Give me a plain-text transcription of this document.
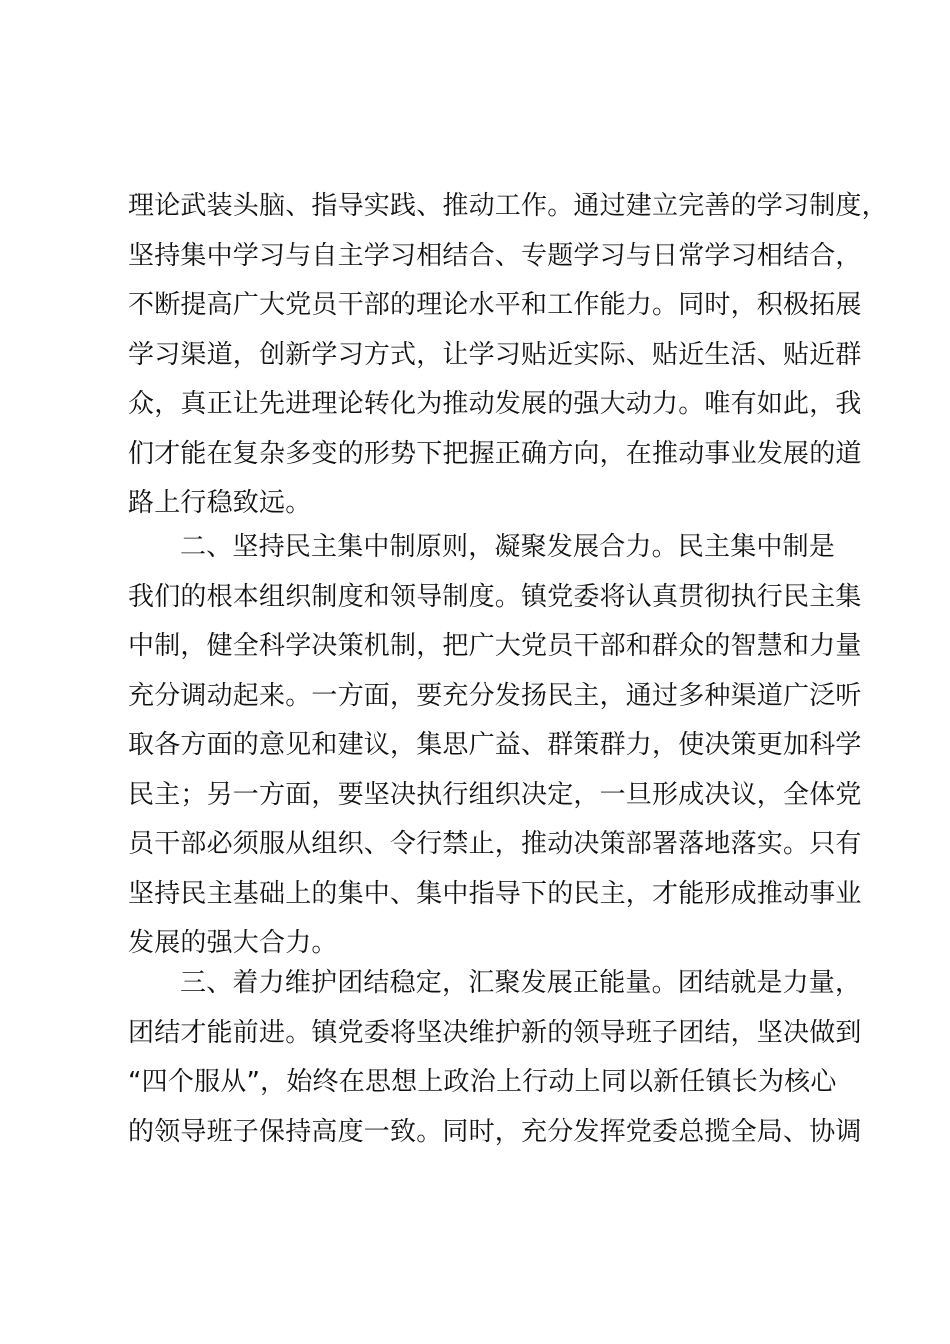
理论武装头脑、指导实践、推动工作。通过建立完善的学习制度，
坚持集中学习与自主学习相结合、专题学习与日常学习相结合，
不断提高广大党员干部的理论水平和工作能力。同时，积极拓展
学习渠道，创新学习方式，让学习贴近实际、贴近生活、贴近群
众，真正让先进理论转化为推动发展的强大动力。唯有如此，我
们才能在复杂多变的形势下把握正确方向，在推动事业发展的道
路上行稳致远。
二、坚持民主集中制原则，凝聚发展合力。民主集中制是
我们的根本组织制度和领导制度。镇党委将认真贯彻执行民主集
中制，健全科学决策机制，把广大党员干部和群众的智慧和力量
充分调动起来。一方面，要充分发扬民主，通过多种渠道广泛听
取各方面的意见和建议，集思广益、群策群力，使决策更加科学
民主；另一方面，要坚决执行组织决定，一旦形成决议，全体党
员干部必须服从组织、令行禁止，推动决策部署落地落实。只有
坚持民主基础上的集中、集中指导下的民主，才能形成推动事业
发展的强大合力。
三、着力维护团结稳定，汇聚发展正能量。团结就是力量，
团结才能前进。镇党委将坚决维护新的领导班子团结，坚决做到
“四个服从”，始终在思想上政治上行动上同以新任镇长为核心
的领导班子保持高度一致。同时，充分发挥党委总揽全局、协调
